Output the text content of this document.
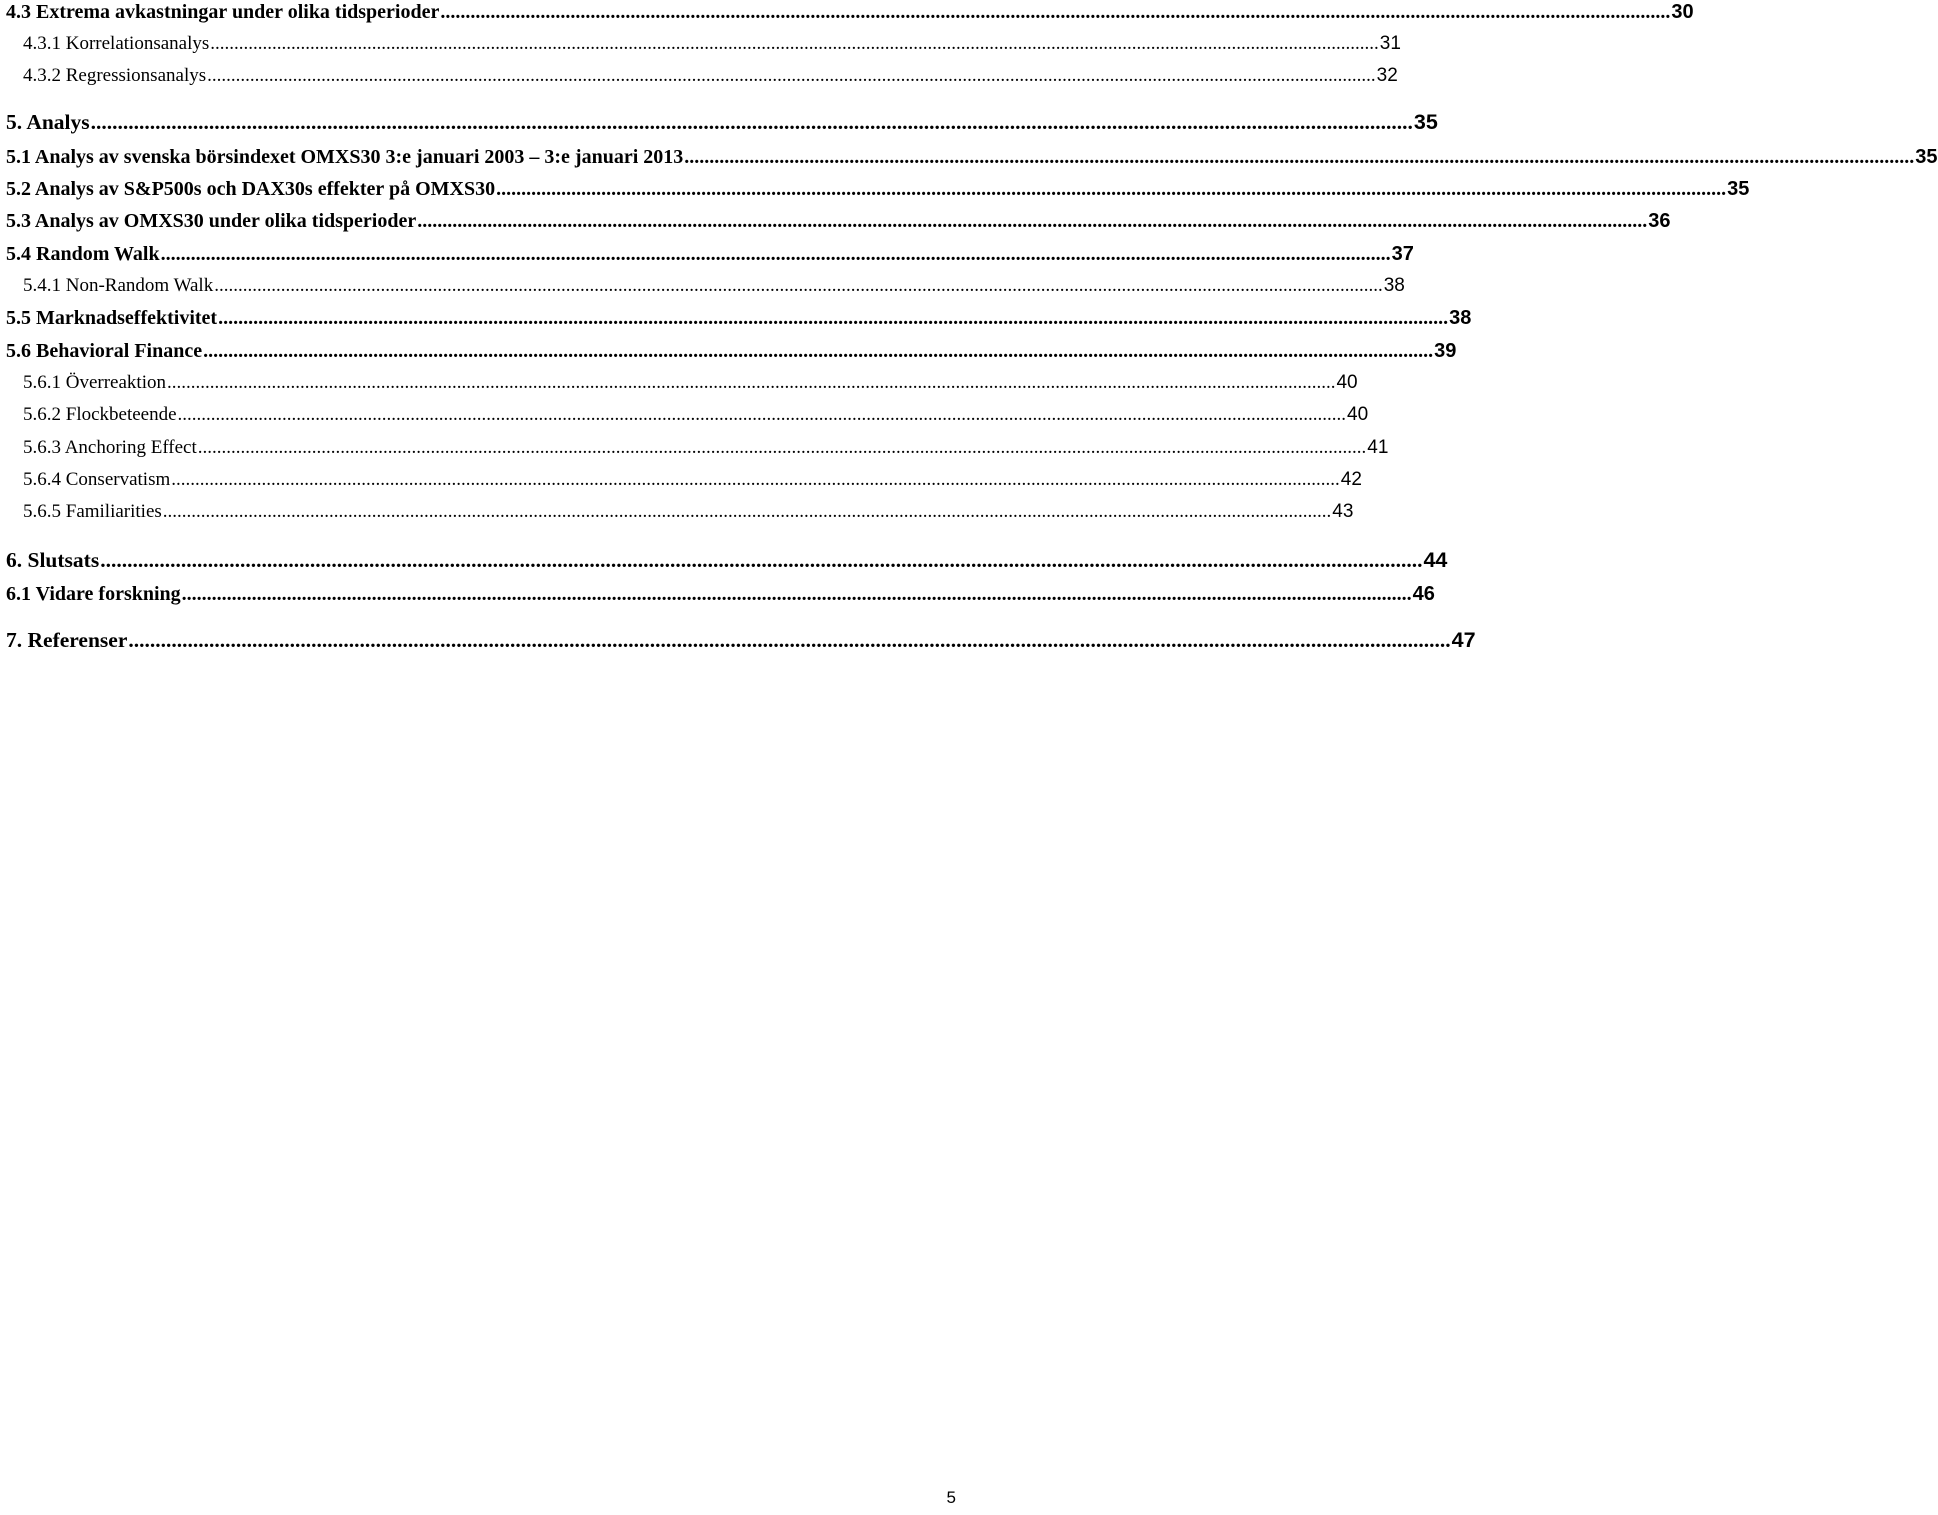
4.3 Extrema avkastningar under olika tidsperioder .....	30
4.3.1 Korrelationsanalys .....	31
4.3.2 Regressionsanalys .....	32
5. Analys .....	35
5.1 Analys av svenska börsindexet OMXS30 3:e januari 2003 – 3:e januari 2013 .....	35
5.2 Analys av S&P500s och DAX30s effekter på OMXS30 .....	35
5.3 Analys av OMXS30 under olika tidsperioder .....	36
5.4 Random Walk .....	37
5.4.1 Non-Random Walk .....	38
5.5 Marknadseffektivitet .....	38
5.6 Behavioral Finance .....	39
5.6.1 Överreaktion .....	40
5.6.2 Flockbeteende .....	40
5.6.3 Anchoring Effect .....	41
5.6.4 Conservatism .....	42
5.6.5 Familiarities .....	43
6. Slutsats .....	44
6.1 Vidare forskning .....	46
7. Referenser .....	47
5
